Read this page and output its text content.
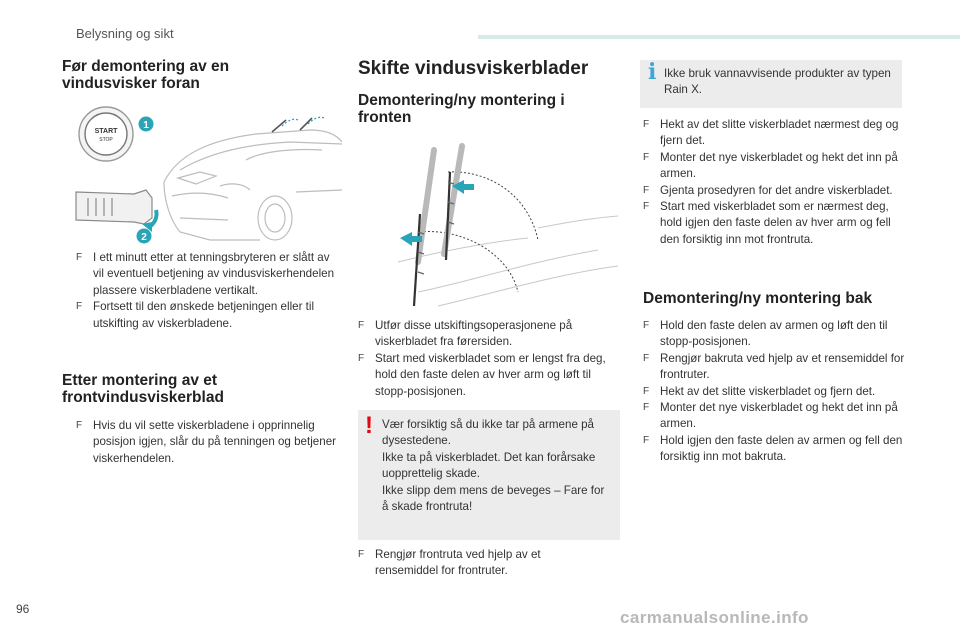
Belysning og sikt
Før demontering av en vindusvisker foran
START
STOP
1
2
F I ett minutt etter at tenningsbryteren er slått av vil eventuell betjening av vindusviskerhendelen plassere viskerbladene vertikalt.
F Fortsett til den ønskede betjeningen eller til utskifting av viskerbladene.
Etter montering av et frontvindusviskerblad
F Hvis du vil sette viskerbladene i opprinnelig posisjon igjen, slår du på tenningen og betjener viskerhendelen.
Skifte vindusviskerblader
Demontering/ny montering i fronten
F Utfør disse utskiftingsoperasjonene på viskerbladet fra førersiden.
F Start med viskerbladet som er lengst fra deg, hold den faste delen av hver arm og løft til stopp-posisjonen.
! Vær forsiktig så du ikke tar på armene på dysestedene.

Ikke ta på viskerbladet. Det kan forårsake uopprettelig skade.

Ikke slipp dem mens de beveges – Fare for å skade frontruta!

F Rengjør frontruta ved hjelp av et rensemiddel for frontruter.
i Ikke bruk vannavvisende produkter av typen Rain X.

F Hekt av det slitte viskerbladet nærmest deg og fjern det.
F Monter det nye viskerbladet og hekt det inn på armen.
F Gjenta prosedyren for det andre viskerbladet.
F Start med viskerbladet som er nærmest deg, hold igjen den faste delen av hver arm og fell den forsiktig inn mot frontruta.
Demontering/ny montering bak
F Hold den faste delen av armen og løft den til stopp-posisjonen.
F Rengjør bakruta ved hjelp av et rensemiddel for frontruter.
F Hekt av det slitte viskerbladet og fjern det.
F Monter det nye viskerbladet og hekt det inn på armen.
F Hold igjen den faste delen av armen og fell den forsiktig inn mot bakruta.
96	carmanualsonline.info
